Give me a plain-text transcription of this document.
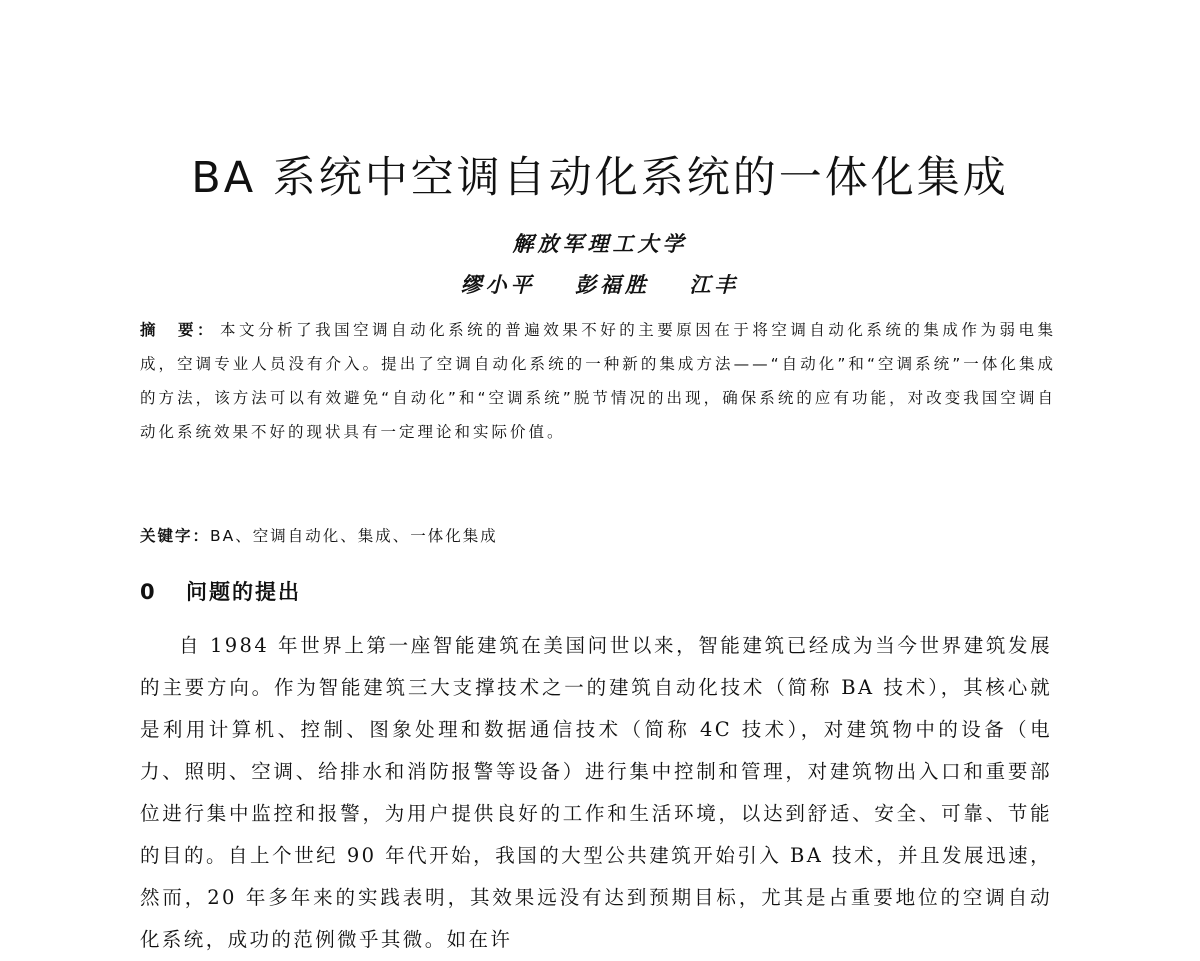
BA 系统中空调自动化系统的一体化集成
解放军理工大学
缪小平 彭福胜 江丰
摘　要： 本文分析了我国空调自动化系统的普遍效果不好的主要原因在于将空调自动化系统的集成作为弱电集成，空调专业人员没有介入。提出了空调自动化系统的一种新的集成方法——“自动化”和“空调系统”一体化集成的方法，该方法可以有效避免“自动化”和“空调系统”脱节情况的出现，确保系统的应有功能，对改变我国空调自动化系统效果不好的现状具有一定理论和实际价值。
关键字：BA、空调自动化、集成、一体化集成
0 问题的提出
自 1984 年世界上第一座智能建筑在美国问世以来，智能建筑已经成为当今世界建筑发展的主要方向。作为智能建筑三大支撑技术之一的建筑自动化技术（简称 BA 技术），其核心就是利用计算机、控制、图象处理和数据通信技术（简称 4C 技术），对建筑物中的设备（电力、照明、空调、给排水和消防报警等设备）进行集中控制和管理，对建筑物出入口和重要部位进行集中监控和报警，为用户提供良好的工作和生活环境，以达到舒适、安全、可靠、节能的目的。自上个世纪 90 年代开始，我国的大型公共建筑开始引入 BA 技术，并且发展迅速，然而，20 年多年来的实践表明，其效果远没有达到预期目标，尤其是占重要地位的空调自动化系统，成功的范例微乎其微。如在许
